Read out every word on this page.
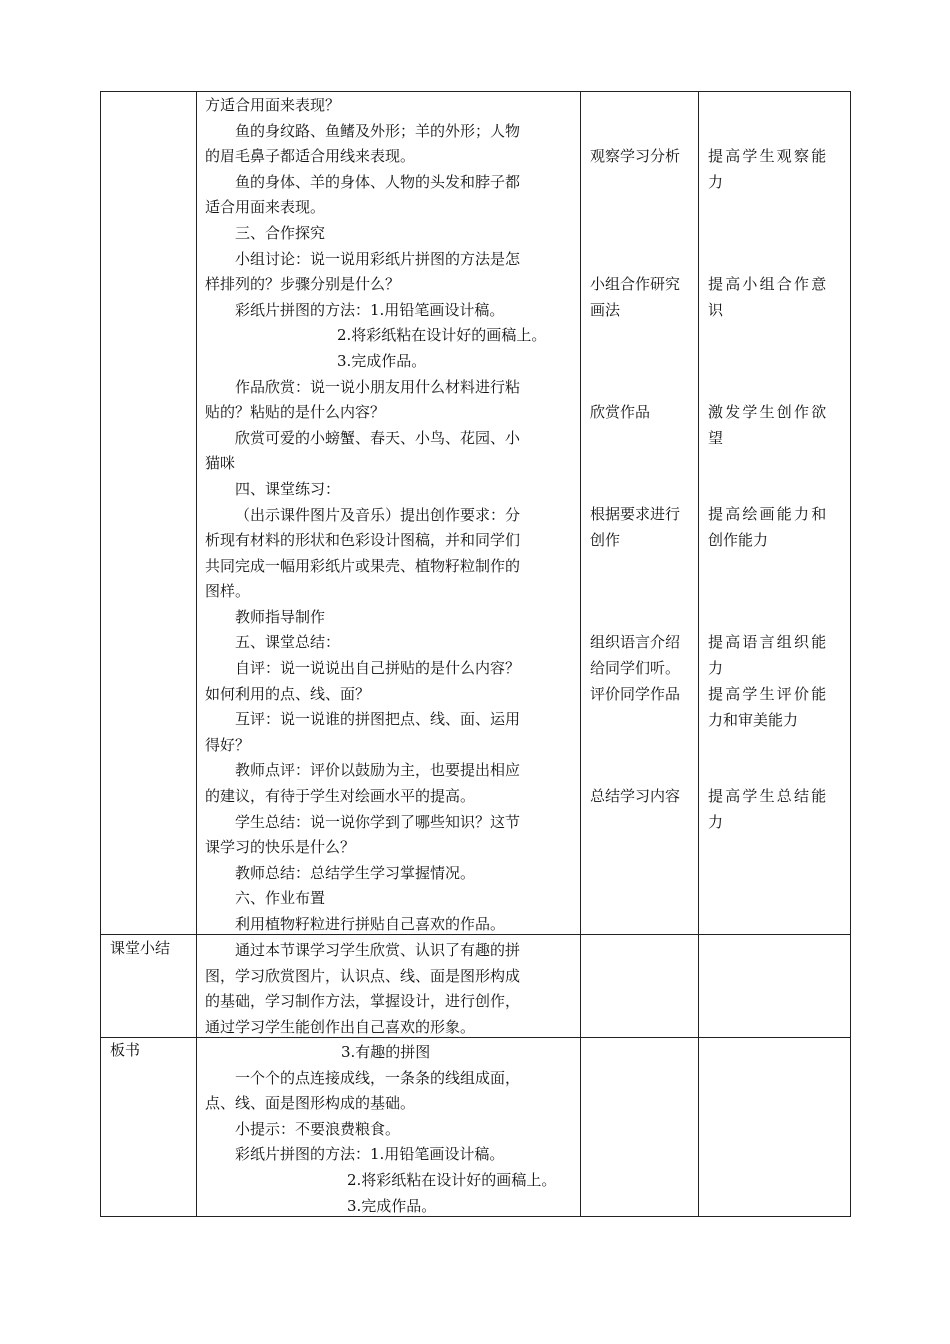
方适合用面来表现？

鱼的身纹路、鱼鳍及外形；羊的外形；人物

的眉毛鼻子都适合用线来表现。

鱼的身体、羊的身体、人物的头发和脖子都

适合用面来表现。

三、合作探究

小组讨论：说一说用彩纸片拼图的方法是怎

样排列的？步骤分别是什么？

彩纸片拼图的方法：1.用铅笔画设计稿。

2.将彩纸粘在设计好的画稿上。

3.完成作品。

作品欣赏：说一说小朋友用什么材料进行粘

贴的？粘贴的是什么内容？

欣赏可爱的小螃蟹、春天、小鸟、花园、小

猫咪

四、课堂练习：

（出示课件图片及音乐）提出创作要求：分

析现有材料的形状和色彩设计图稿，并和同学们

共同完成一幅用彩纸片或果壳、植物籽粒制作的

图样。

教师指导制作

五、课堂总结：

自评：说一说说出自己拼贴的是什么内容？

如何利用的点、线、面？

互评：说一说谁的拼图把点、线、面、运用

得好？

教师点评：评价以鼓励为主，也要提出相应

的建议，有待于学生对绘画水平的提高。

学生总结：说一说你学到了哪些知识？这节

课学习的快乐是什么？

教师总结：总结学生学习掌握情况。

六、作业布置

利用植物籽粒进行拼贴自己喜欢的作品。

观察学习分析
小组合作研究
画法
欣赏作品
根据要求进行
创作
组织语言介绍
给同学们听。
评价同学作品
总结学习内容
提高学生观察能
力
提高小组合作意
识
激发学生创作欲
望
提高绘画能力和
创作能力
提高语言组织能
力
提高学生评价能
力和审美能力
提高学生总结能
力
课堂小结	通过本节课学习学生欣赏、认识了有趣的拼

图，学习欣赏图片，认识点、线、面是图形构成

的基础，学习制作方法，掌握设计，进行创作，

通过学习学生能创作出自己喜欢的形象。

板书	3.有趣的拼图

一个个的点连接成线，一条条的线组成面，

点、线、面是图形构成的基础。

小提示：不要浪费粮食。

彩纸片拼图的方法：1.用铅笔画设计稿。

2.将彩纸粘在设计好的画稿上。

3.完成作品。
